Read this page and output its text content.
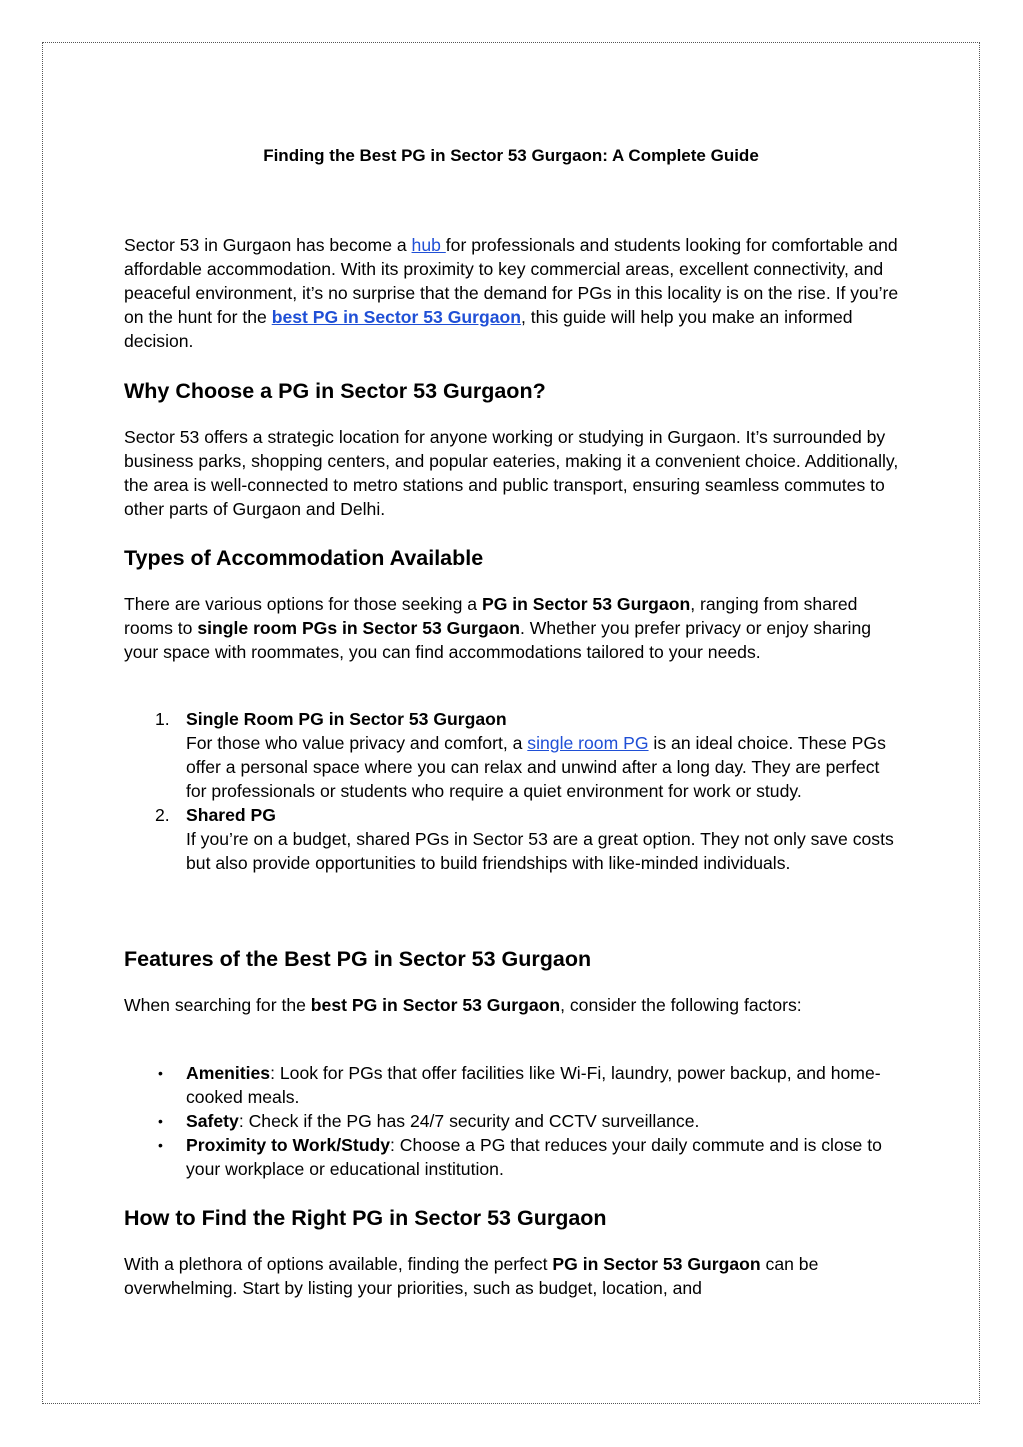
Finding the Best PG in Sector 53 Gurgaon: A Complete Guide

Sector 53 in Gurgaon has become a hub for professionals and students looking for comfortable and affordable accommodation. With its proximity to key commercial areas, excellent connectivity, and peaceful environment, it’s no surprise that the demand for PGs in this locality is on the rise. If you’re on the hunt for the best PG in Sector 53 Gurgaon, this guide will help you make an informed decision.

Why Choose a PG in Sector 53 Gurgaon?

Sector 53 offers a strategic location for anyone working or studying in Gurgaon. It’s surrounded by business parks, shopping centers, and popular eateries, making it a convenient choice. Additionally, the area is well-connected to metro stations and public transport, ensuring seamless commutes to other parts of Gurgaon and Delhi.

Types of Accommodation Available

There are various options for those seeking a PG in Sector 53 Gurgaon, ranging from shared rooms to single room PGs in Sector 53 Gurgaon. Whether you prefer privacy or enjoy sharing your space with roommates, you can find accommodations tailored to your needs.

1. Single Room PG in Sector 53 Gurgaon
For those who value privacy and comfort, a single room PG is an ideal choice. These PGs offer a personal space where you can relax and unwind after a long day. They are perfect for professionals or students who require a quiet environment for work or study.
2. Shared PG
If you’re on a budget, shared PGs in Sector 53 are a great option. They not only save costs but also provide opportunities to build friendships with like-minded individuals.
Features of the Best PG in Sector 53 Gurgaon

When searching for the best PG in Sector 53 Gurgaon, consider the following factors:

• Amenities: Look for PGs that offer facilities like Wi-Fi, laundry, power backup, and home-cooked meals.
• Safety: Check if the PG has 24/7 security and CCTV surveillance.
• Proximity to Work/Study: Choose a PG that reduces your daily commute and is close to your workplace or educational institution.
How to Find the Right PG in Sector 53 Gurgaon

With a plethora of options available, finding the perfect PG in Sector 53 Gurgaon can be overwhelming. Start by listing your priorities, such as budget, location, and
